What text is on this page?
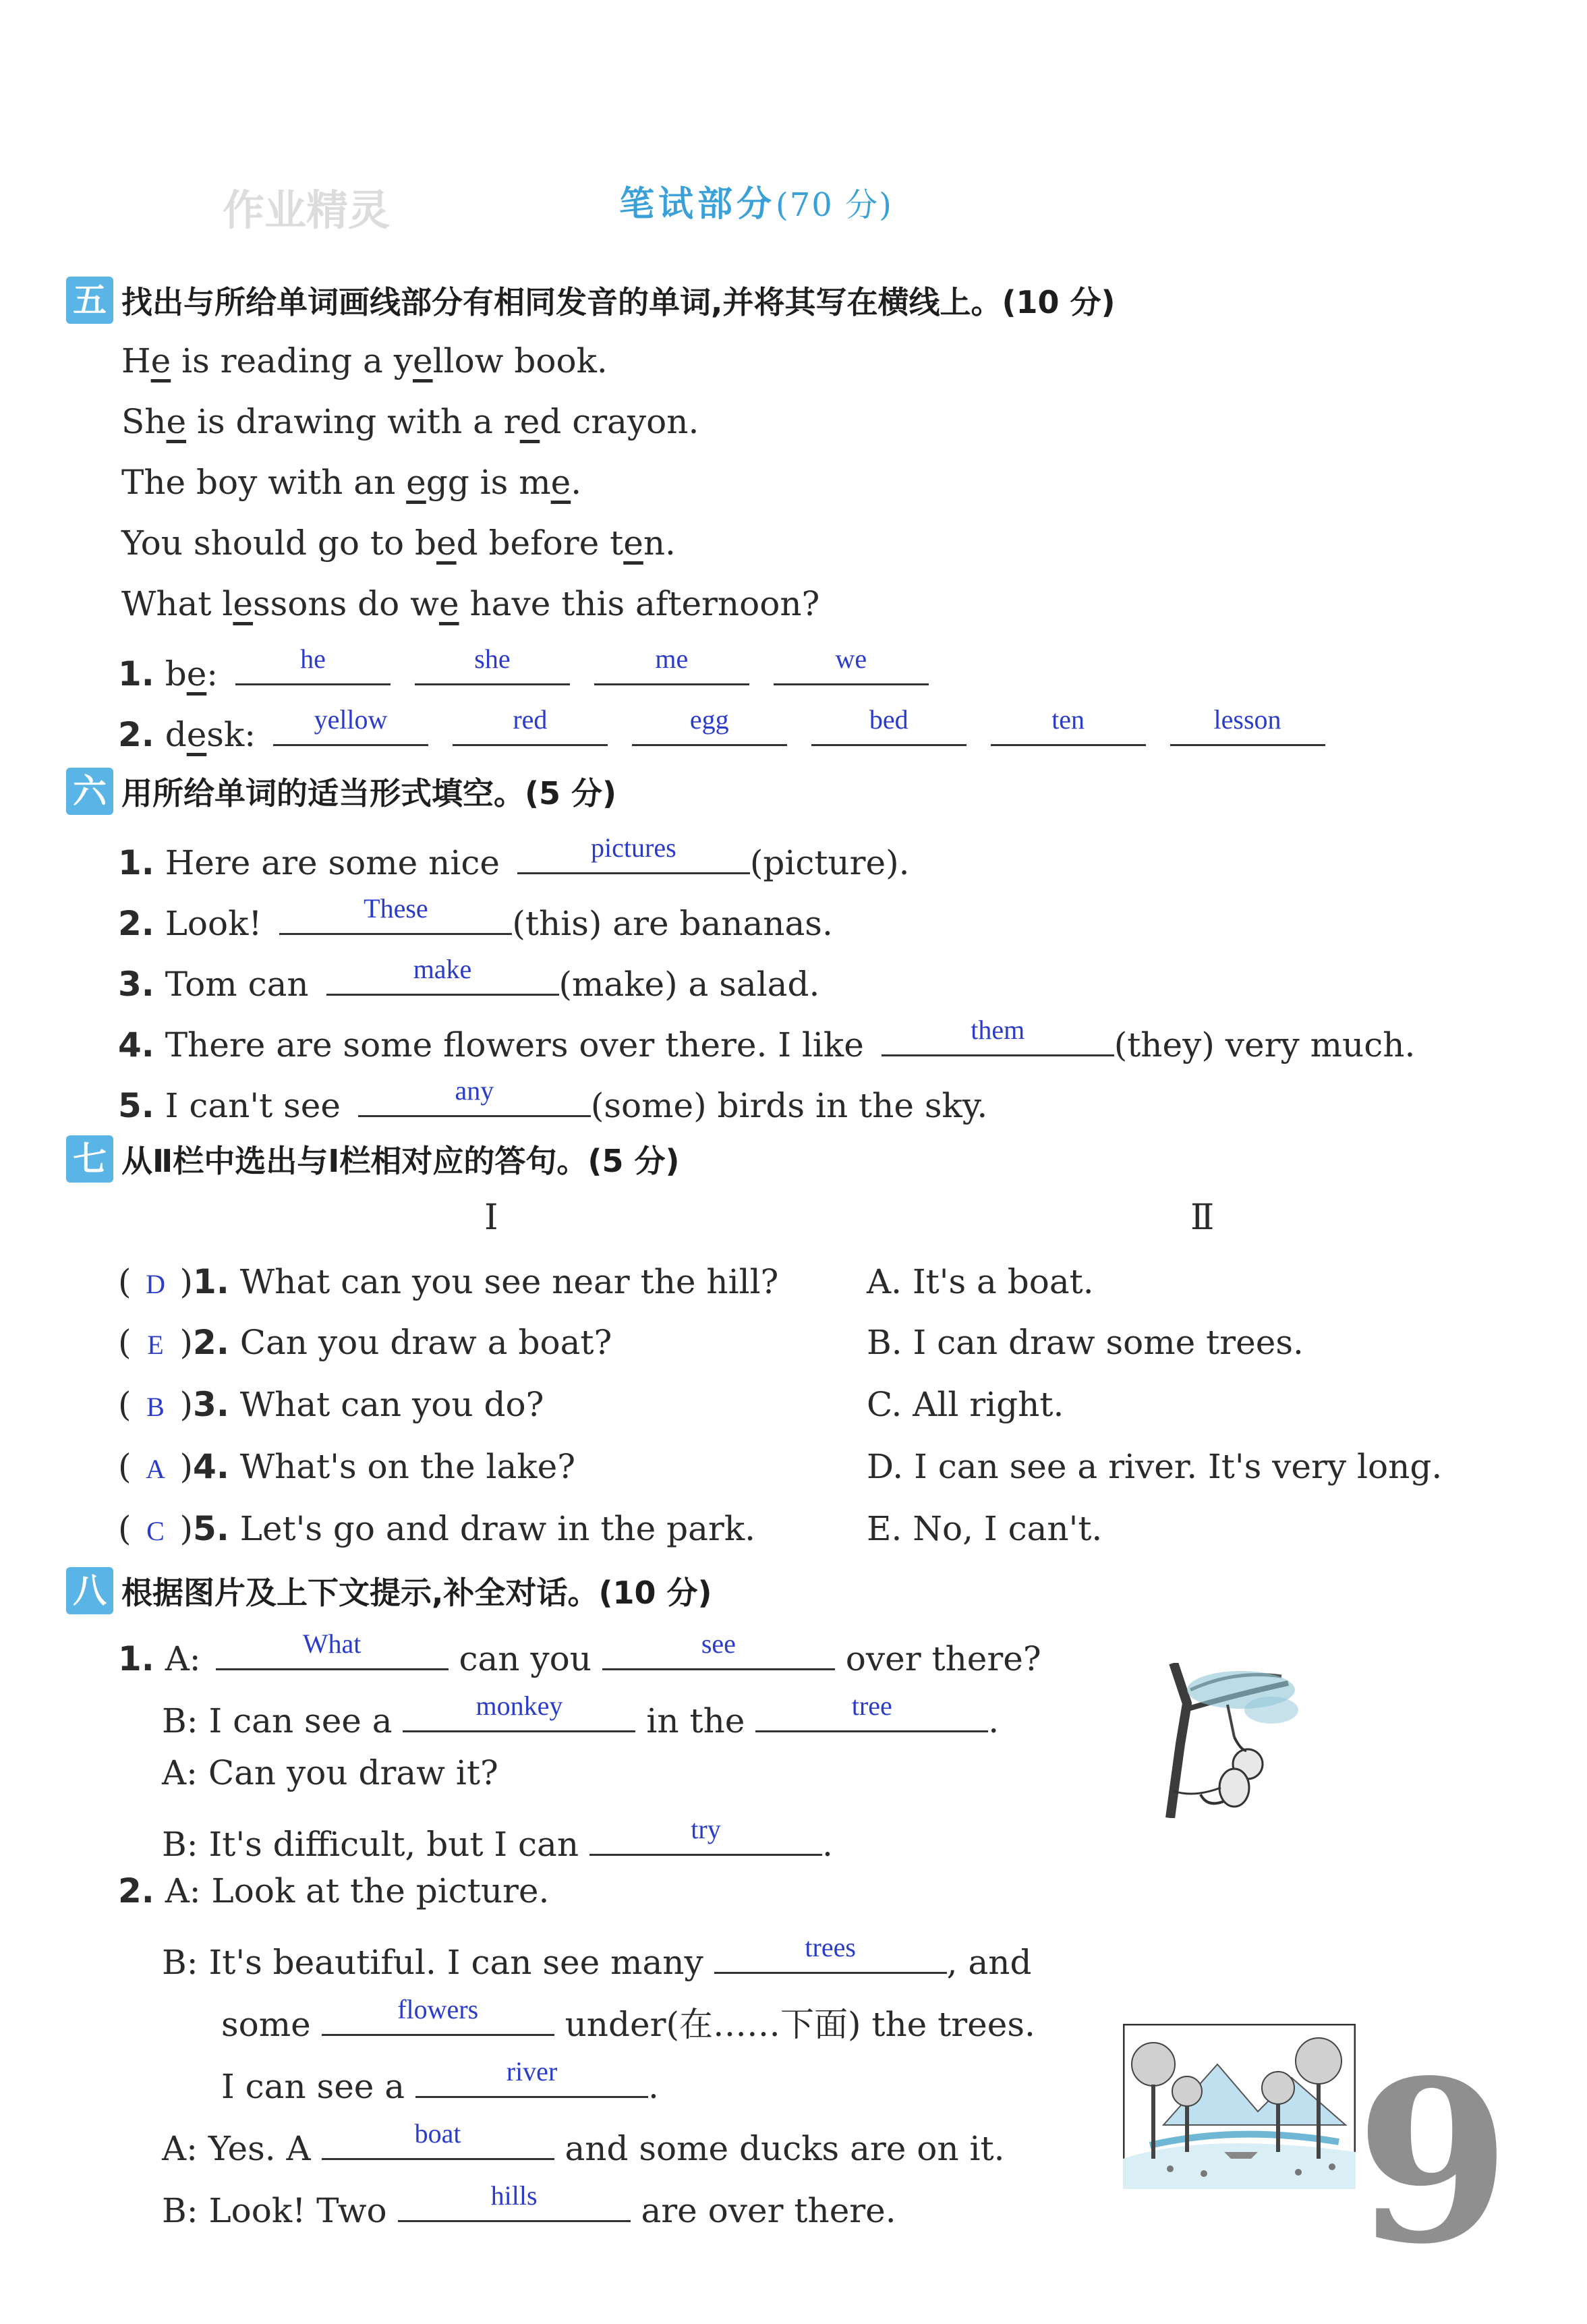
作业精灵	笔试部分(70 分)
五 找出与所给单词画线部分有相同发音的单词,并将其写在横线上。(10 分)
He is reading a yellow book.
She is drawing with a red crayon.
The boy with an egg is me.
You should go to bed before ten.
What lessons do we have this afternoon?
1. be:	he
	she
	me
	we
2. desk:	yellow
	red
	egg
	bed
	ten
	lesson
六 用所给单词的适当形式填空。(5 分)
1. Here are some nice	pictures	(picture).
2. Look!	These	(this) are bananas.
3. Tom can	make	(make) a salad.
4. There are some flowers over there. I like	them	(they) very much.
5. I can't see	any	(some) birds in the sky.
七 从Ⅱ栏中选出与Ⅰ栏相对应的答句。(5 分)
Ⅰ	Ⅱ
( D )1. What can you see near the hill?
( E )2. Can you draw a boat?
( B )3. What can you do?
( A )4. What's on the lake?
( C )5. Let's go and draw in the park.
A. It's a boat.
B. I can draw some trees.
C. All right.
D. I can see a river. It's very long.
E. No, I can't.
八 根据图片及上下文提示,补全对话。(10 分)
1. A:	What	can you	see	over there?
B: I can see a	monkey	in the	tree	.
A: Can you draw it?
B: It's difficult, but I can	try	.
2. A: Look at the picture.
B: It's beautiful. I can see many	trees	, and
some	flowers	under(在……下面) the trees.
I can see a	river	.
A: Yes. A	boat	and some ducks are on it.
B: Look! Two	hills	are over there. 9
